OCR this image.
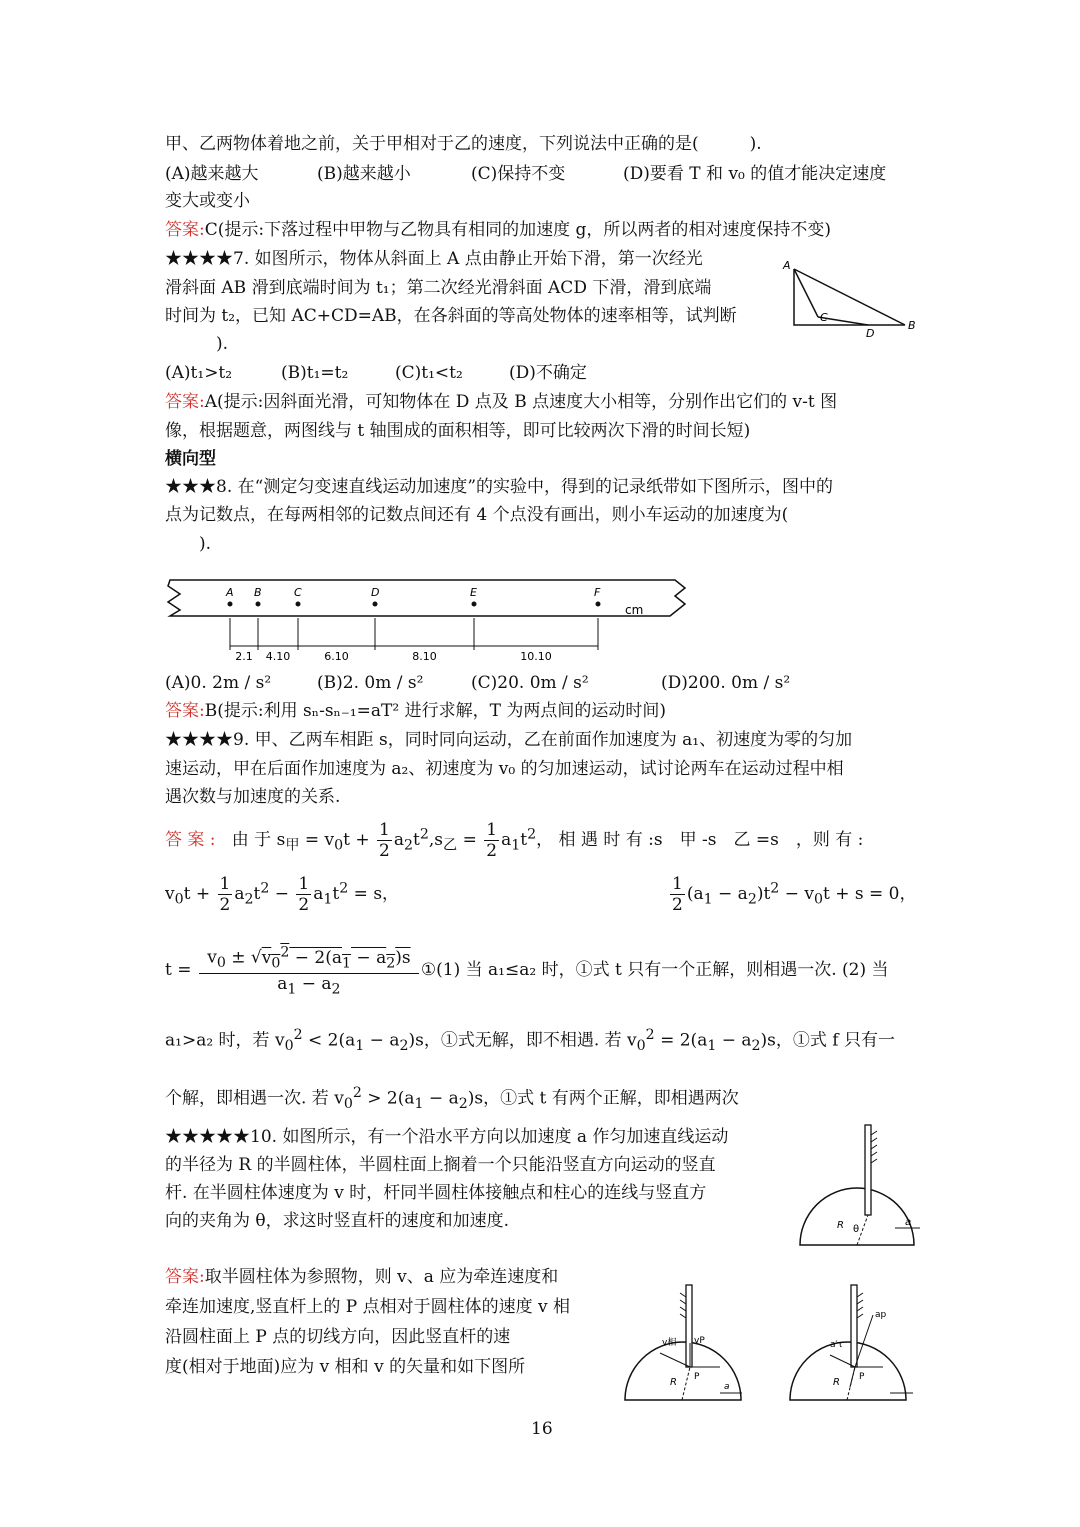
甲、乙两物体着地之前，关于甲相对于乙的速度，下列说法中正确的是(　　　).
(A)越来越大	(B)越来越小	(C)保持不变	(D)要看 T 和 v₀ 的值才能决定速度
变大或变小
答案:C(提示:下落过程中甲物与乙物具有相同的加速度 g，所以两者的相对速度保持不变)
★★★★7. 如图所示，物体从斜面上 A 点由静止开始下滑，第一次经光
滑斜面 AB 滑到底端时间为 t₁；第二次经光滑斜面 ACD 下滑，滑到底端
时间为 t₂，已知 AC+CD=AB，在各斜面的等高处物体的速率相等，试判断
　　　).
A
B
C
D
(A)t₁>t₂	(B)t₁=t₂	(C)t₁<t₂	(D)不确定
答案:A(提示:因斜面光滑，可知物体在 D 点及 B 点速度大小相等，分别作出它们的 v-t 图
像，根据题意，两图线与 t 轴围成的面积相等，即可比较两次下滑的时间长短)
横向型
★★★8. 在“测定匀变速直线运动加速度”的实验中，得到的记录纸带如下图所示，图中的
点为记数点，在每两相邻的记数点间还有 4 个点没有画出，则小车运动的加速度为(
　　).
A B	C	D	E	F
2.1 4.10	6.10	8.10	10.10
cm
(A)0. 2m / s²	(B)2. 0m / s²	(C)20. 0m / s²	(D)200. 0m / s²
答案:B(提示:利用 sₙ-sₙ₋₁=aT² 进行求解，T 为两点间的运动时间)
★★★★9. 甲、乙两车相距 s，同时同向运动，乙在前面作加速度为 a₁、初速度为零的匀加
速运动，甲在后面作加速度为 a₂、初速度为 v₀ 的匀加速运动，试讨论两车在运动过程中相
遇次数与加速度的关系.
答 案 : 由 于 $s_甲 = v_0t + \frac{1}{2} a_2t^2,s_乙 = \frac{1}{2} a_1t^2$， 相 遇 时 有 :s　甲 -s　乙 =s　，则 有 :
$v_0t + \frac{1}{2} a_2t^2 - \frac{1}{2} a_1t^2 = s$，	$\frac{1}{2} (a_1 - a_2)t^2 - v_0t + s = 0$，
$t = \frac{v_0 \pm √v_0^2 - 2(a_1 - a_2)s}{a_1 - a_2}$ ①(1) 当 a₁≤a₂ 时，①式 t 只有一个正解，则相遇一次. (2) 当
a₁>a₂ 时，若 $v_0^2 < 2(a_1 - a_2)s$，①式无解，即不相遇. 若 $v_0^2 = 2(a_1 - a_2)s$，①式 f 只有一
个解，即相遇一次. 若 $v_0^2 > 2(a_1 - a_2)s$，①式 t 有两个正解，即相遇两次
★★★★★10. 如图所示，有一个沿水平方向以加速度 a 作匀加速直线运动
的半径为 R 的半圆柱体，半圆柱面上搁着一个只能沿竖直方向运动的竖直
杆. 在半圆柱体速度为 v 时，杆同半圆柱体接触点和柱心的连线与竖直方
向的夹角为 θ，求这时竖直杆的速度和加速度.	R θ
a
答案:取半圆柱体为参照物，则 v、a 应为牵连速度和
牵连加速度,竖直杆上的 P 点相对于圆柱体的速度 v 相
沿圆柱面上 P 点的切线方向，因此竖直杆的速
度(相对于地面)应为 v 相和 v 的矢量和如下图所
v相 vP
P
R	a
a′τ
ap
P
R
16
